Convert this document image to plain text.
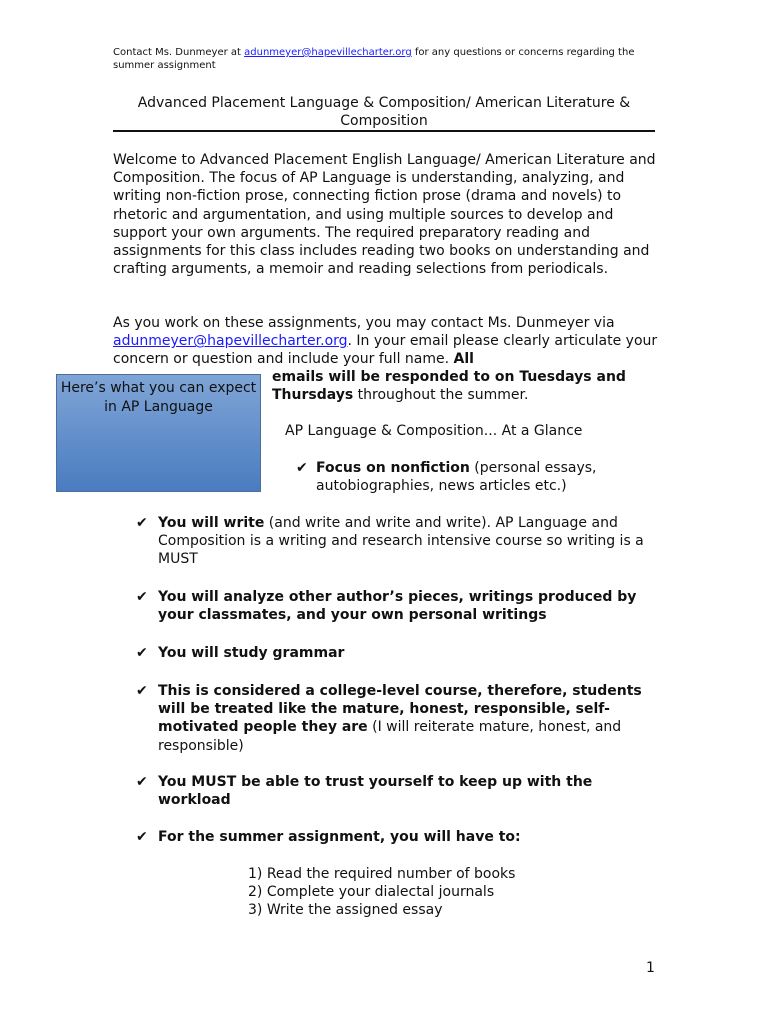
Contact Ms. Dunmeyer at adunmeyer@hapevillecharter.org for any questions or concerns regarding the summer assignment
Advanced Placement Language & Composition/ American Literature & Composition
Welcome to Advanced Placement English Language/ American Literature and Composition. The focus of AP Language is understanding, analyzing, and writing non-fiction prose, connecting fiction prose (drama and novels) to rhetoric and argumentation, and using multiple sources to develop and support your own arguments. The required preparatory reading and assignments for this class includes reading two books on understanding and crafting arguments, a memoir and reading selections from periodicals.
As you work on these assignments, you may contact Ms. Dunmeyer via adunmeyer@hapevillecharter.org. In your email please clearly articulate your concern or question and include your full name. All
emails will be responded to on Tuesdays and Thursdays throughout the summer.
Here’s what you can expect in AP Language
AP Language & Composition... At a Glance
✔ Focus on nonfiction (personal essays, autobiographies, news articles etc.)
✔ You will write (and write and write and write). AP Language and Composition is a writing and research intensive course so writing is a MUST
✔ You will analyze other author’s pieces, writings produced by your classmates, and your own personal writings
✔ You will study grammar
✔ This is considered a college-level course, therefore, students will be treated like the mature, honest, responsible, self-motivated people they are (I will reiterate mature, honest, and responsible)
✔ You MUST be able to trust yourself to keep up with the workload
✔ For the summer assignment, you will have to:
1) Read the required number of books
2) Complete your dialectal journals
3) Write the assigned essay
1
